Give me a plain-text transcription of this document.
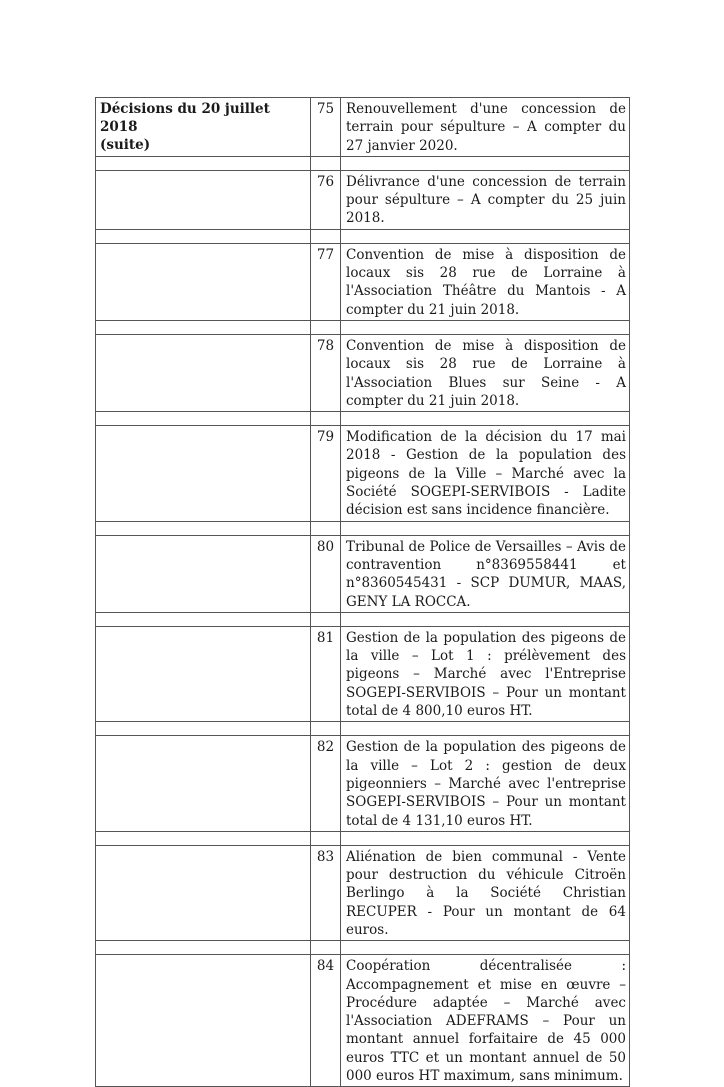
Décisions du 20 juillet 2018
(suite)	75	Renouvellement d'une concession de terrain pour sépulture – A compter du 27 janvier 2020.

	76	Délivrance d'une concession de terrain pour sépulture – A compter du 25 juin 2018.

	77	Convention de mise à disposition de locaux sis 28 rue de Lorraine à l'Association Théâtre du Mantois - A compter du 21 juin 2018.

	78	Convention de mise à disposition de locaux sis 28 rue de Lorraine à l'Association Blues sur Seine - A compter du 21 juin 2018.

	79	Modification de la décision du 17 mai 2018 - Gestion de la population des pigeons de la Ville – Marché avec la Société SOGEPI-SERVIBOIS - Ladite décision est sans incidence financière.

	80	Tribunal de Police de Versailles – Avis de contravention n°8369558441 et n°8360545431 - SCP DUMUR, MAAS, GENY LA ROCCA.

	81	Gestion de la population des pigeons de la ville – Lot 1 : prélèvement des pigeons – Marché avec l'Entreprise SOGEPI-SERVIBOIS – Pour un montant total de 4 800,10 euros HT.

	82	Gestion de la population des pigeons de la ville – Lot 2 : gestion de deux pigeonniers – Marché avec l'entreprise SOGEPI-SERVIBOIS – Pour un montant total de 4 131,10 euros HT.

	83	Aliénation de bien communal - Vente pour destruction du véhicule Citroën Berlingo à la Société Christian RECUPER - Pour un montant de 64 euros.

	84	Coopération décentralisée : Accompagnement et mise en œuvre – Procédure adaptée – Marché avec l'Association ADEFRAMS – Pour un montant annuel forfaitaire de 45 000 euros TTC et un montant annuel de 50 000 euros HT maximum, sans minimum.
